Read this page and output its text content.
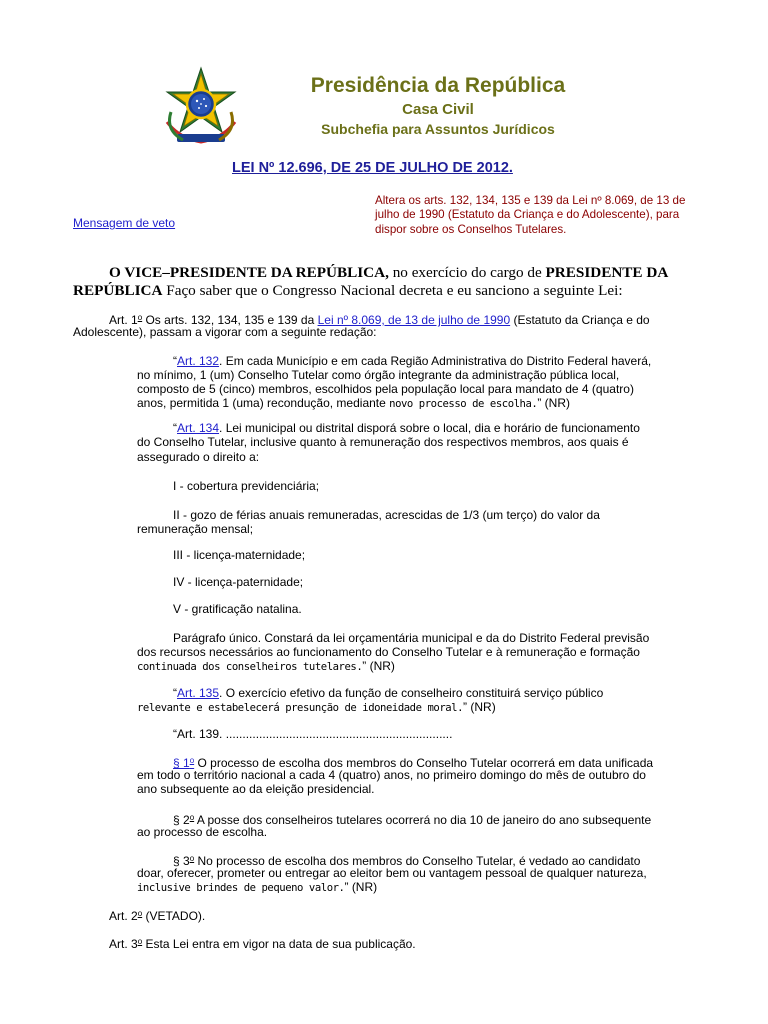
Presidência da República
Casa Civil
Subchefia para Assuntos Jurídicos
LEI Nº 12.696, DE 25 DE JULHO DE 2012.
Altera os arts. 132, 134, 135 e 139 da Lei nº 8.069, de 13 de julho de 1990 (Estatuto da Criança e do Adolescente), para dispor sobre os Conselhos Tutelares.
Mensagem de veto
O VICE–PRESIDENTE DA REPÚBLICA, no exercício do cargo de PRESIDENTE DA REPÚBLICA Faço saber que o Congresso Nacional decreta e eu sanciono a seguinte Lei:
Art. 1$^o$ Os arts. 132, 134, 135 e 139 da Lei nº 8.069, de 13 de julho de 1990 (Estatuto da Criança e do
Adolescente), passam a vigorar com a seguinte redação:
“Art. 132. Em cada Município e em cada Região Administrativa do Distrito Federal haverá,
no mínimo, 1 (um) Conselho Tutelar como órgão integrante da administração pública local,
composto de 5 (cinco) membros, escolhidos pela população local para mandato de 4 (quatro)
anos, permitida 1 (uma) recondução, mediante novo processo de escolha.” (NR)
“Art. 134. Lei municipal ou distrital disporá sobre o local, dia e horário de funcionamento
do Conselho Tutelar, inclusive quanto à remuneração dos respectivos membros, aos quais é
assegurado o direito a:
I - cobertura previdenciária;
II - gozo de férias anuais remuneradas, acrescidas de 1/3 (um terço) do valor da
remuneração mensal;
III - licença-maternidade;
IV - licença-paternidade;
V - gratificação natalina.
Parágrafo único. Constará da lei orçamentária municipal e da do Distrito Federal previsão
dos recursos necessários ao funcionamento do Conselho Tutelar e à remuneração e formação
continuada dos conselheiros tutelares.” (NR)
“Art. 135. O exercício efetivo da função de conselheiro constituirá serviço público
relevante e estabelecerá presunção de idoneidade moral.” (NR)
“Art. 139. ....................................................................
§ 1$^o$ O processo de escolha dos membros do Conselho Tutelar ocorrerá em data unificada
em todo o território nacional a cada 4 (quatro) anos, no primeiro domingo do mês de outubro do
ano subsequente ao da eleição presidencial.
§ 2$^o$ A posse dos conselheiros tutelares ocorrerá no dia 10 de janeiro do ano subsequente
ao processo de escolha.
§ 3$^o$ No processo de escolha dos membros do Conselho Tutelar, é vedado ao candidato
doar, oferecer, prometer ou entregar ao eleitor bem ou vantagem pessoal de qualquer natureza,
inclusive brindes de pequeno valor.” (NR)
Art. 2$^o$ (VETADO).
Art. 3$^o$ Esta Lei entra em vigor na data de sua publicação.
